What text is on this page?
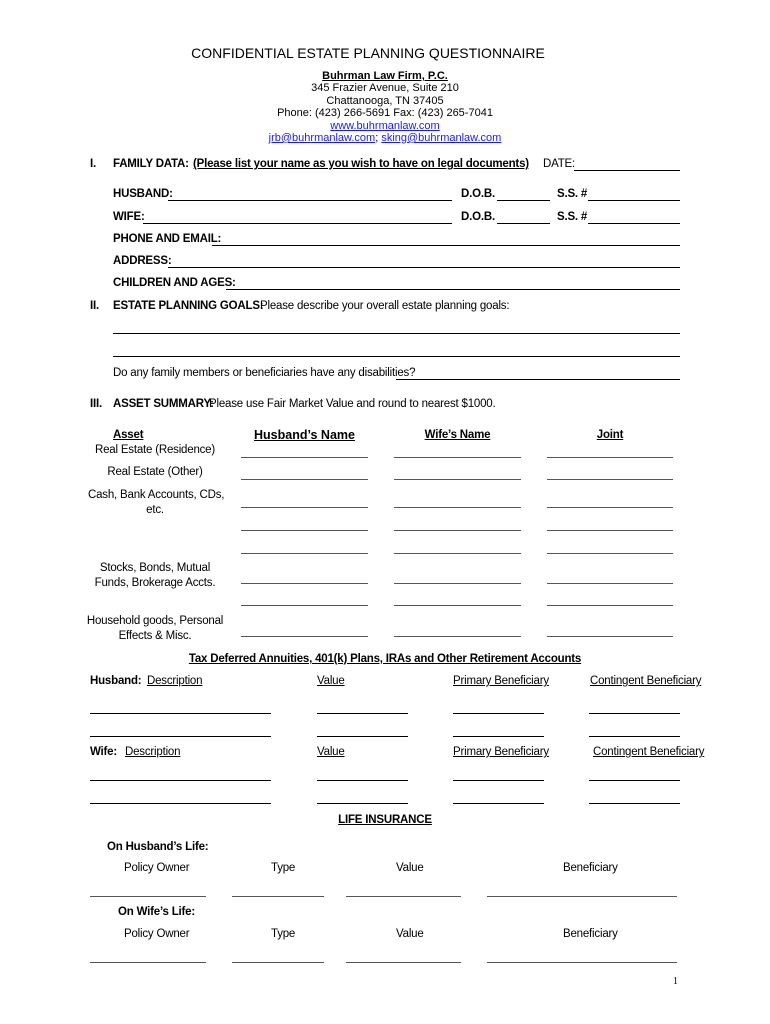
CONFIDENTIAL ESTATE PLANNING QUESTIONNAIRE
Buhrman Law Firm, P.C.
345 Frazier Avenue, Suite 210
Chattanooga, TN 37405
Phone: (423) 266-5691 Fax: (423) 265-7041
www.buhrmanlaw.com
jrb@buhrmanlaw.com; sking@buhrmanlaw.com
I. FAMILY DATA: (Please list your name as you wish to have on legal documents) DATE:
HUSBAND:	D.O.B.	S.S. #
WIFE:	D.O.B.	S.S. #
PHONE AND EMAIL:
ADDRESS:
CHILDREN AND AGES:
II. ESTATE PLANNING GOALS:
Please describe your overall estate planning goals:
Do any family members or beneficiaries have any disabilities?
III. ASSET SUMMARY:
Please use Fair Market Value and round to nearest $1000.
Asset	Husband’s Name	Wife’s Name	Joint
Real Estate (Residence)
Real Estate (Other)
Cash, Bank Accounts, CDs,
etc.
Stocks, Bonds, Mutual
Funds, Brokerage Accts.
Household goods, Personal
Effects & Misc.
Tax Deferred Annuities, 401(k) Plans, IRAs and Other Retirement Accounts
Husband: Description	Value	Primary Beneficiary	Contingent Beneficiary
Wife: Description	Value	Primary Beneficiary	Contingent Beneficiary
LIFE INSURANCE
On Husband’s Life:
Policy Owner	Type	Value	Beneficiary
On Wife’s Life:
Policy Owner	Type	Value	Beneficiary
1
